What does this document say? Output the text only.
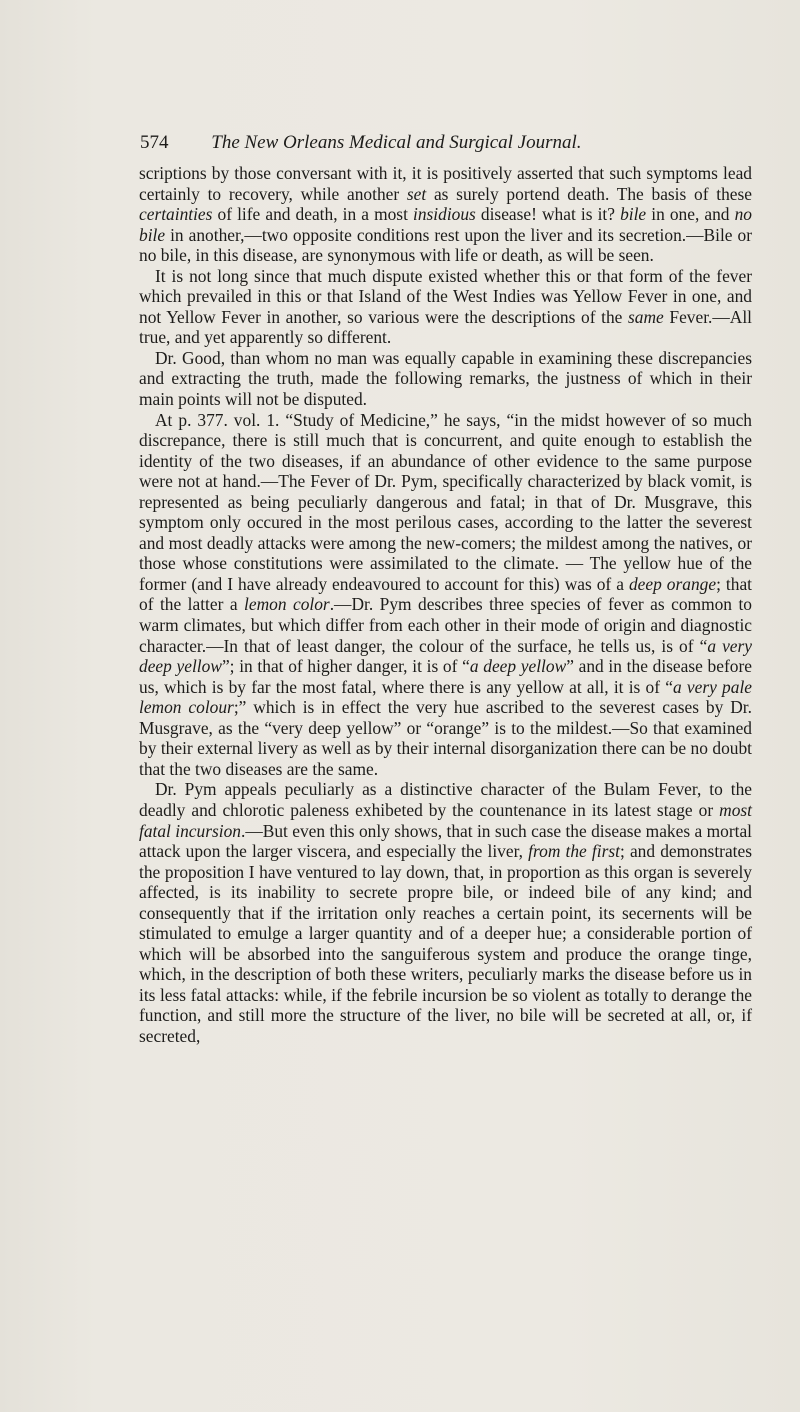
574 The New Orleans Medical and Surgical Journal.

scriptions by those conversant with it, it is positively asserted that such symptoms lead certainly to recovery, while another set as surely portend death. The basis of these certainties of life and death, in a most insidious disease! what is it? bile in one, and no bile in another,—two opposite conditions rest upon the liver and its secretion.—Bile or no bile, in this disease, are synonymous with life or death, as will be seen.

It is not long since that much dispute existed whether this or that form of the fever which prevailed in this or that Island of the West Indies was Yellow Fever in one, and not Yellow Fever in another, so various were the descriptions of the same Fever.—All true, and yet apparently so different.

Dr. Good, than whom no man was equally capable in examining these discrepancies and extracting the truth, made the following remarks, the justness of which in their main points will not be disputed.

At p. 377. vol. 1. “Study of Medicine,” he says, “in the midst however of so much discrepance, there is still much that is concurrent, and quite enough to establish the identity of the two diseases, if an abundance of other evidence to the same purpose were not at hand.—The Fever of Dr. Pym, specifically characterized by black vomit, is represented as being peculiarly dangerous and fatal; in that of Dr. Musgrave, this symptom only occured in the most perilous cases, according to the latter the severest and most deadly attacks were among the new-comers; the mildest among the natives, or those whose constitutions were assimilated to the climate. — The yellow hue of the former (and I have already endeavoured to account for this) was of a deep orange; that of the latter a lemon color.—Dr. Pym describes three species of fever as common to warm climates, but which differ from each other in their mode of origin and diagnostic character.—In that of least danger, the colour of the surface, he tells us, is of “a very deep yellow”; in that of higher danger, it is of “a deep yellow” and in the disease before us, which is by far the most fatal, where there is any yellow at all, it is of “a very pale lemon colour;” which is in effect the very hue ascribed to the severest cases by Dr. Musgrave, as the “very deep yellow” or “orange” is to the mildest.—So that examined by their external livery as well as by their internal disorganization there can be no doubt that the two diseases are the same.

Dr. Pym appeals peculiarly as a distinctive character of the Bulam Fever, to the deadly and chlorotic paleness exhibeted by the countenance in its latest stage or most fatal incursion.—But even this only shows, that in such case the disease makes a mortal attack upon the larger viscera, and especially the liver, from the first; and demonstrates the proposition I have ventured to lay down, that, in proportion as this organ is severely affected, is its inability to secrete propre bile, or indeed bile of any kind; and consequently that if the irritation only reaches a certain point, its secernents will be stimulated to emulge a larger quantity and of a deeper hue; a considerable portion of which will be absorbed into the sanguiferous system and produce the orange tinge, which, in the description of both these writers, peculiarly marks the disease before us in its less fatal attacks: while, if the febrile incursion be so violent as totally to derange the function, and still more the structure of the liver, no bile will be secreted at all, or, if secreted,
